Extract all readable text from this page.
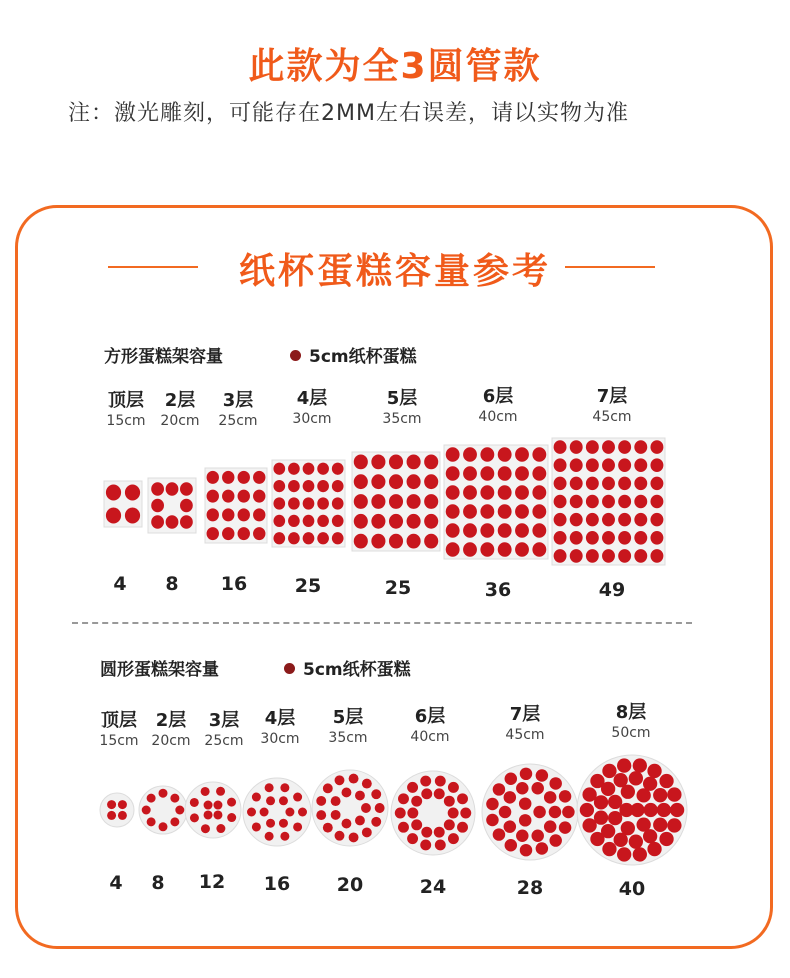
此款为全3圆管款
注：激光雕刻，可能存在2MM左右误差，请以实物为准
纸杯蛋糕容量参考
方形蛋糕架容量	5cm纸杯蛋糕
顶层
15cm
4
2层
20cm
8
3层
25cm
16
4层
30cm
25
5层
35cm
25
6层
40cm
36
7层
45cm
49
圆形蛋糕架容量	5cm纸杯蛋糕
顶层
15cm
4
2层
20cm
8
3层
25cm
12
4层
30cm
16
5层
35cm
20
6层
40cm
24
7层
45cm
28
8层
50cm
40
